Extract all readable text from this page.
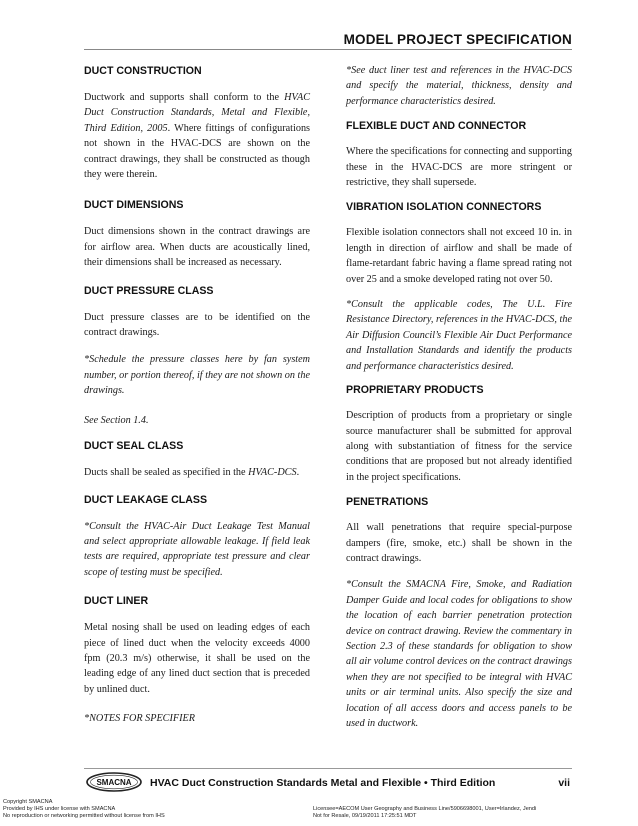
MODEL PROJECT SPECIFICATION
DUCT CONSTRUCTION

Ductwork and supports shall conform to the HVAC Duct Construction Standards, Metal and Flexible, Third Edition, 2005. Where fittings of configurations not shown in the HVAC-DCS are shown on the contract drawings, they shall be constructed as though they were therein.

DUCT DIMENSIONS

Duct dimensions shown in the contract drawings are for airflow area. When ducts are acoustically lined, their dimensions shall be increased as necessary.

DUCT PRESSURE CLASS

Duct pressure classes are to be identified on the contract drawings.

*Schedule the pressure classes here by fan system number, or portion thereof, if they are not shown on the drawings.

See Section 1.4.

DUCT SEAL CLASS

Ducts shall be sealed as specified in the HVAC-DCS.

DUCT LEAKAGE CLASS

*Consult the HVAC-Air Duct Leakage Test Manual and select appropriate allowable leakage. If field leak tests are required, appropriate test pressure and clear scope of testing must be specified.

DUCT LINER

Metal nosing shall be used on leading edges of each piece of lined duct when the velocity exceeds 4000 fpm (20.3 m/s) otherwise, it shall be used on the leading edge of any lined duct section that is preceded by unlined duct.

*NOTES FOR SPECIFIER

*See duct liner test and references in the HVAC-DCS and specify the material, thickness, density and performance characteristics desired.

FLEXIBLE DUCT AND CONNECTOR

Where the specifications for connecting and supporting these in the HVAC-DCS are more stringent or restrictive, they shall supersede.

VIBRATION ISOLATION CONNECTORS

Flexible isolation connectors shall not exceed 10 in. in length in direction of airflow and shall be made of flame-retardant fabric having a flame spread rating not over 25 and a smoke developed rating not over 50.

*Consult the applicable codes, The U.L. Fire Resistance Directory, references in the HVAC-DCS, the Air Diffusion Council’s Flexible Air Duct Performance and Installation Standards and identify the products and performance characteristics desired.

PROPRIETARY PRODUCTS

Description of products from a proprietary or single source manufacturer shall be submitted for approval along with substantiation of fitness for the service conditions that are proposed but not already identified in the project specifications.

PENETRATIONS

All wall penetrations that require special-purpose dampers (fire, smoke, etc.) shall be shown in the contract drawings.

*Consult the SMACNA Fire, Smoke, and Radiation Damper Guide and local codes for obligations to show the location of each barrier penetration protection device on contract drawing. Review the commentary in Section 2.3 of these standards for obligation to show all air volume control devices on the contract drawings when they are not specified to be integral with HVAC units or air terminal units. Also specify the size and location of all access doors and access panels to be used in ductwork.

SMACNA HVAC Duct Construction Standards Metal and Flexible • Third Edition	vii
Copyright SMACNA
Provided by IHS under license with SMACNA
No reproduction or networking permitted without license from IHS
Licensee=AECOM User Geography and Business Line/5906698001, User=Irlandez, Jendi
Not for Resale, 09/19/2011 17:25:51 MDT
